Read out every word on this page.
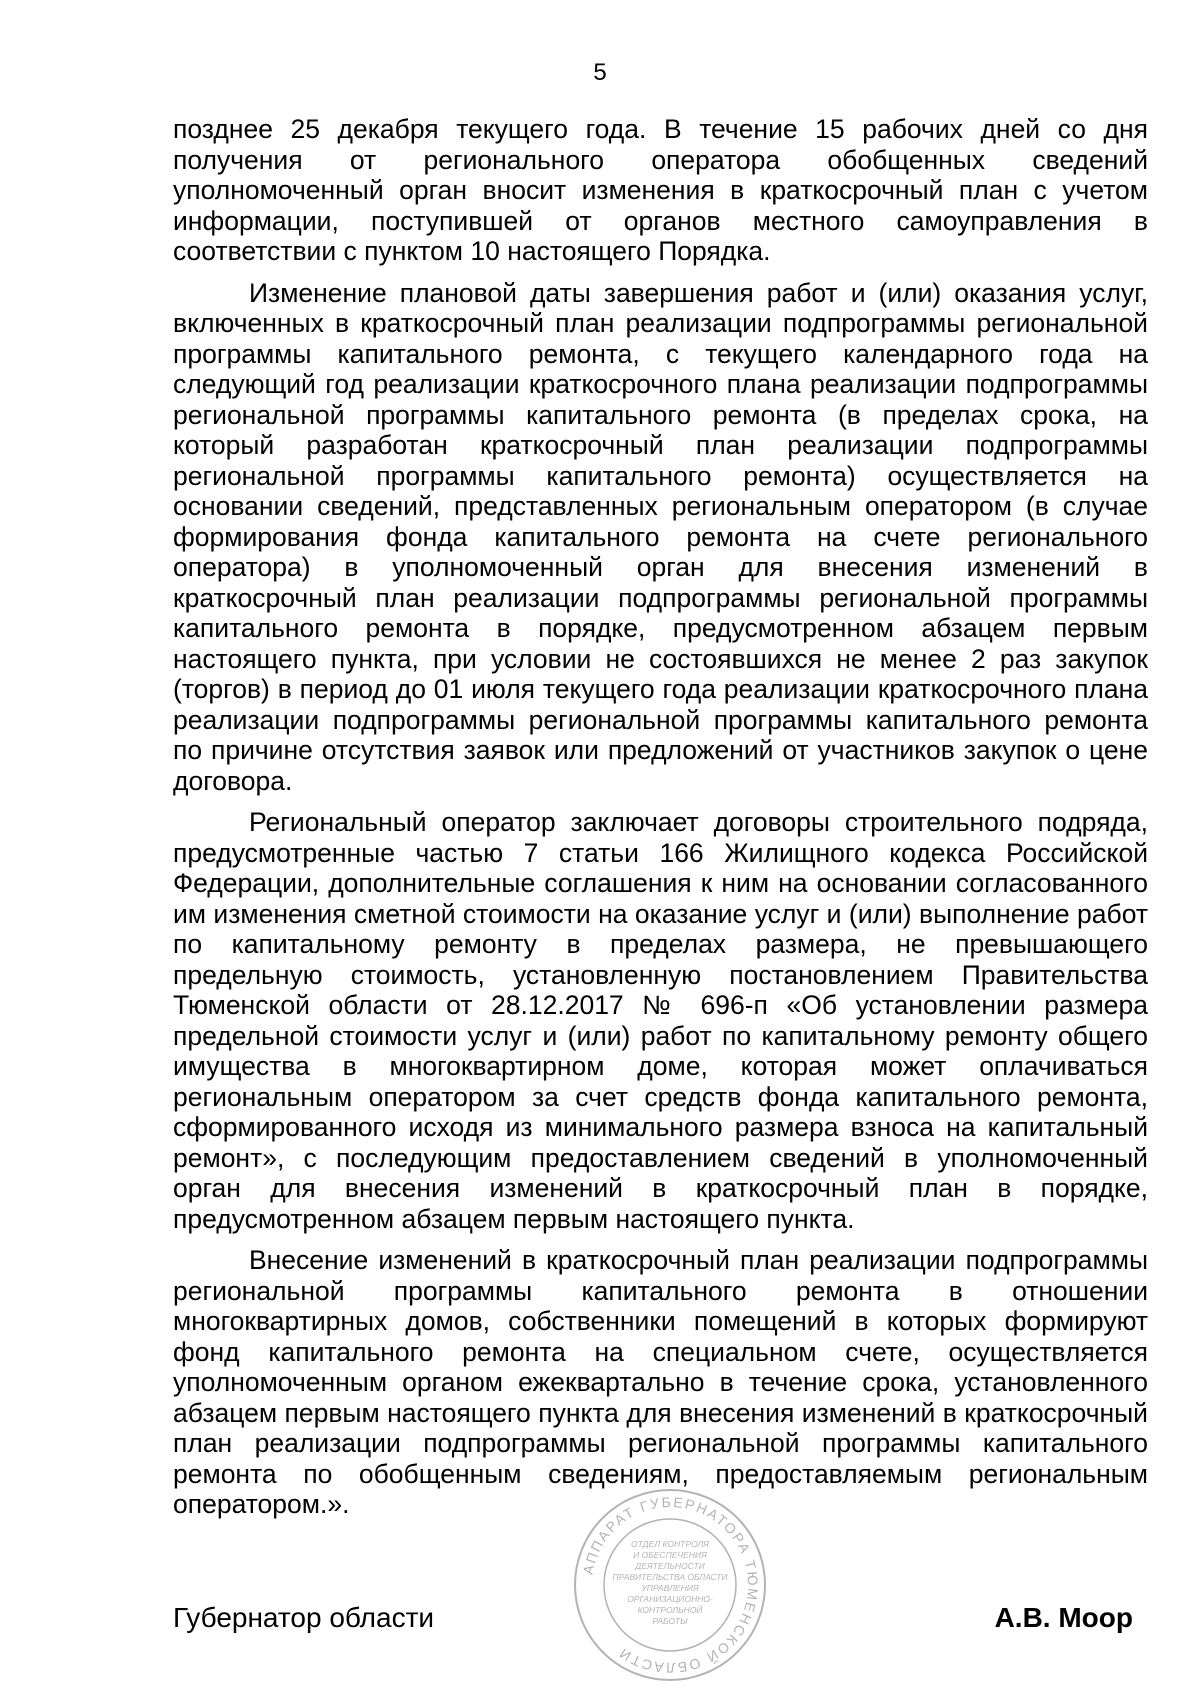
5

позднее 25 декабря текущего года. В течение 15 рабочих дней со дня получения от регионального оператора обобщенных сведений уполномоченный орган вносит изменения в краткосрочный план с учетом информации, поступившей от органов местного самоуправления в соответствии с пунктом 10 настоящего Порядка.

Изменение плановой даты завершения работ и (или) оказания услуг, включенных в краткосрочный план реализации подпрограммы региональной программы капитального ремонта, с текущего календарного года на следующий год реализации краткосрочного плана реализации подпрограммы региональной программы капитального ремонта (в пределах срока, на который разработан краткосрочный план реализации подпрограммы региональной программы капитального ремонта) осуществляется на основании сведений, представленных региональным оператором (в случае формирования фонда капитального ремонта на счете регионального оператора) в уполномоченный орган для внесения изменений в краткосрочный план реализации подпрограммы региональной программы капитального ремонта в порядке, предусмотренном абзацем первым настоящего пункта, при условии не состоявшихся не менее 2 раз закупок (торгов) в период до 01 июля текущего года реализации краткосрочного плана реализации подпрограммы региональной программы капитального ремонта по причине отсутствия заявок или предложений от участников закупок о цене договора.

Региональный оператор заключает договоры строительного подряда, предусмотренные частью 7 статьи 166 Жилищного кодекса Российской Федерации, дополнительные соглашения к ним на основании согласованного им изменения сметной стоимости на оказание услуг и (или) выполнение работ по капитальному ремонту в пределах размера, не превышающего предельную стоимость, установленную постановлением Правительства Тюменской области от 28.12.2017 № 696-п «Об установлении размера предельной стоимости услуг и (или) работ по капитальному ремонту общего имущества в многоквартирном доме, которая может оплачиваться региональным оператором за счет средств фонда капитального ремонта, сформированного исходя из минимального размера взноса на капитальный ремонт», с последующим предоставлением сведений в уполномоченный орган для внесения изменений в краткосрочный план в порядке, предусмотренном абзацем первым настоящего пункта.

Внесение изменений в краткосрочный план реализации подпрограммы региональной программы капитального ремонта в отношении многоквартирных домов, собственники помещений в которых формируют фонд капитального ремонта на специальном счете, осуществляется уполномоченным органом ежеквартально в течение срока, установленного абзацем первым настоящего пункта для внесения изменений в краткосрочный план реализации подпрограммы региональной программы капитального ремонта по обобщенным сведениям, предоставляемым региональным оператором.».

АППАРАТ ГУБЕРНАТОРА ТЮМЕНСКОЙ ОБЛАСТИ
ОТДЕЛ КОНТРОЛЯ
И ОБЕСПЕЧЕНИЯ
ДЕЯТЕЛЬНОСТИ
ПРАВИТЕЛЬСТВА ОБЛАСТИ
УПРАВЛЕНИЯ
ОРГАНИЗАЦИОННО-
КОНТРОЛЬНОЙ
РАБОТЫ
Губернатор области	А.В. Моор
